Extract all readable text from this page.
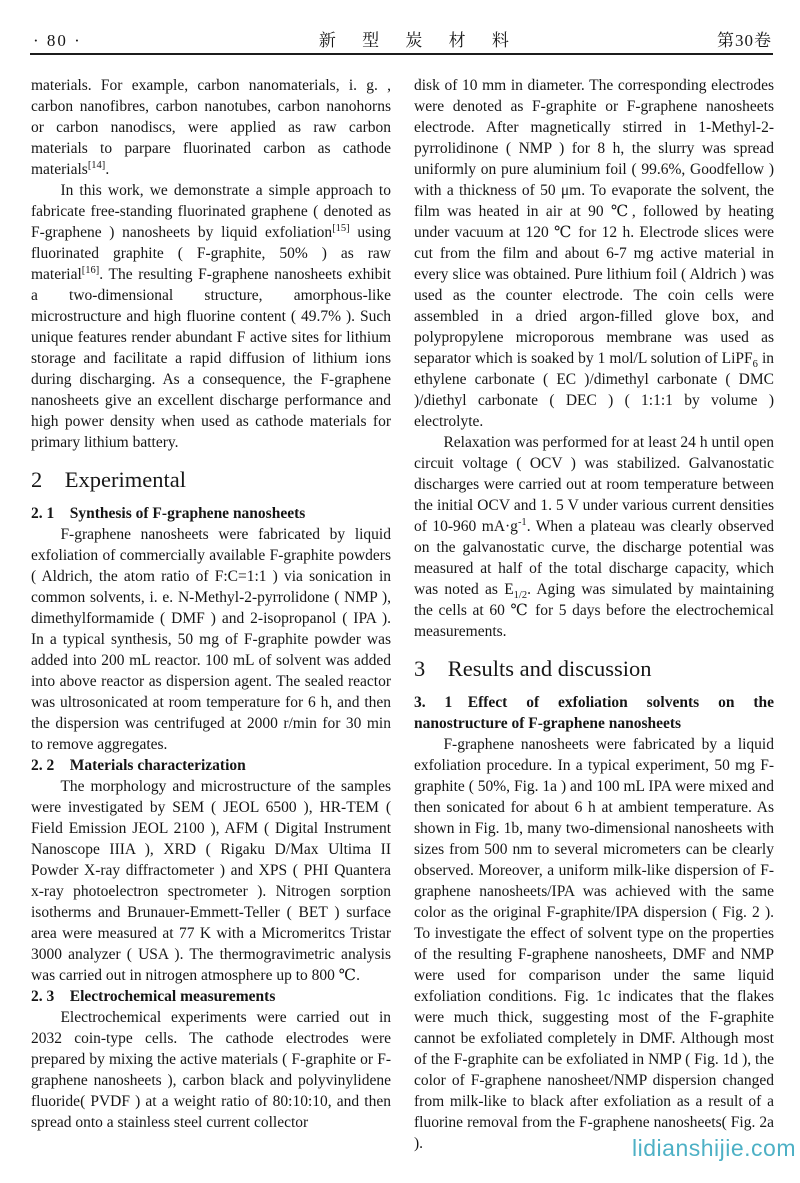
· 80 ·	新 型 炭 材 料	第30卷
materials. For example, carbon nanomaterials, i. g. , carbon nanofibres, carbon nanotubes, carbon nanohorns or carbon nanodiscs, were applied as raw carbon materials to parpare fluorinated carbon as cathode materials[14].
In this work, we demonstrate a simple approach to fabricate free-standing fluorinated graphene ( denoted as F-graphene ) nanosheets by liquid exfoliation[15] using fluorinated graphite ( F-graphite, 50% ) as raw material[16]. The resulting F-graphene nanosheets exhibit a two-dimensional structure, amorphous-like microstructure and high fluorine content ( 49.7% ). Such unique features render abundant F active sites for lithium storage and facilitate a rapid diffusion of lithium ions during discharging. As a consequence, the F-graphene nanosheets give an excellent discharge performance and high power density when used as cathode materials for primary lithium battery.
2  Experimental
2. 1  Synthesis of F-graphene nanosheets
F-graphene nanosheets were fabricated by liquid exfoliation of commercially available F-graphite powders ( Aldrich, the atom ratio of F:C=1:1 ) via sonication in common solvents, i. e. N-Methyl-2-pyrrolidone ( NMP ), dimethylformamide ( DMF ) and 2-isopropanol ( IPA ). In a typical synthesis, 50 mg of F-graphite powder was added into 200 mL reactor. 100 mL of solvent was added into above reactor as dispersion agent. The sealed reactor was ultrosonicated at room temperature for 6 h, and then the dispersion was centrifuged at 2000 r/min for 30 min to remove aggregates.
2. 2  Materials characterization
The morphology and microstructure of the samples were investigated by SEM ( JEOL 6500 ), HR-TEM ( Field Emission JEOL 2100 ), AFM ( Digital Instrument Nanoscope IIIA ), XRD ( Rigaku D/Max Ultima II Powder X-ray diffractometer ) and XPS ( PHI Quantera x-ray photoelectron spectrometer ). Nitrogen sorption isotherms and Brunauer-Emmett-Teller ( BET ) surface area were measured at 77 K with a Micromeritcs Tristar 3000 analyzer ( USA ). The thermogravimetric analysis was carried out in nitrogen atmosphere up to 800 ℃.
2. 3  Electrochemical measurements
Electrochemical experiments were carried out in 2032 coin-type cells. The cathode electrodes were prepared by mixing the active materials ( F-graphite or F-graphene nanosheets ), carbon black and polyvinylidene fluoride( PVDF ) at a weight ratio of 80:10:10, and then spread onto a stainless steel current collector
disk of 10 mm in diameter. The corresponding electrodes were denoted as F-graphite or F-graphene nanosheets electrode. After magnetically stirred in 1-Methyl-2-pyrrolidinone ( NMP ) for 8 h, the slurry was spread uniformly on pure aluminium foil ( 99.6%, Goodfellow ) with a thickness of 50 μm. To evaporate the solvent, the film was heated in air at 90 ℃, followed by heating under vacuum at 120 ℃ for 12 h. Electrode slices were cut from the film and about 6-7 mg active material in every slice was obtained. Pure lithium foil ( Aldrich ) was used as the counter electrode. The coin cells were assembled in a dried argon-filled glove box, and polypropylene microporous membrane was used as separator which is soaked by 1 mol/L solution of LiPF$_6$ in ethylene carbonate ( EC )/dimethyl carbonate ( DMC )/diethyl carbonate ( DEC ) ( 1:1:1 by volume ) electrolyte.
Relaxation was performed for at least 24 h until open circuit voltage ( OCV ) was stabilized. Galvanostatic discharges were carried out at room temperature between the initial OCV and 1. 5 V under various current densities of 10-960 $mA\cdot g^{-1}$. When a plateau was clearly observed on the galvanostatic curve, the discharge potential was measured at half of the total discharge capacity, which was noted as $E_{1/2}$. Aging was simulated by maintaining the cells at 60 ℃ for 5 days before the electrochemical measurements.
3  Results and discussion
3. 1  Effect of exfoliation solvents on the nanostructure of F-graphene nanosheets
F-graphene nanosheets were fabricated by a liquid exfoliation procedure. In a typical experiment, 50 mg F-graphite ( 50%, Fig. 1a ) and 100 mL IPA were mixed and then sonicated for about 6 h at ambient temperature. As shown in Fig. 1b, many two-dimensional nanosheets with sizes from 500 nm to several micrometers can be clearly observed. Moreover, a uniform milk-like dispersion of F-graphene nanosheets/IPA was achieved with the same color as the original F-graphite/IPA dispersion ( Fig. 2 ). To investigate the effect of solvent type on the properties of the resulting F-graphene nanosheets, DMF and NMP were used for comparison under the same liquid exfoliation conditions. Fig. 1c indicates that the flakes were much thick, suggesting most of the F-graphite cannot be exfoliated completely in DMF. Although most of the F-graphite can be exfoliated in NMP ( Fig. 1d ), the color of F-graphene nanosheet/NMP dispersion changed from milk-like to black after exfoliation as a result of a fluorine removal from the F-graphene nanosheets( Fig. 2a ).	lidianshijie.com
